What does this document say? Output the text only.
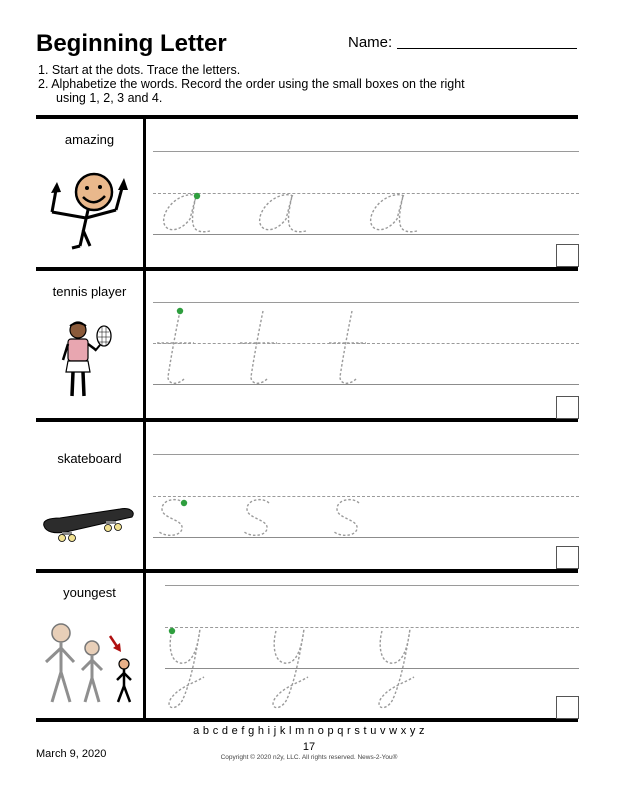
Beginning Letter	Name:
1. Start at the dots. Trace the letters.
2. Alphabetize the words. Record the order using the small boxes on the right
using 1, 2, 3 and 4.
amazing
tennis player
skateboard
youngest
a b c d e f g h i j k l m n o p q r s t u v w x y z
17
March 9, 2020	Copyright © 2020 n2y, LLC. All rights reserved. News-2-You®
